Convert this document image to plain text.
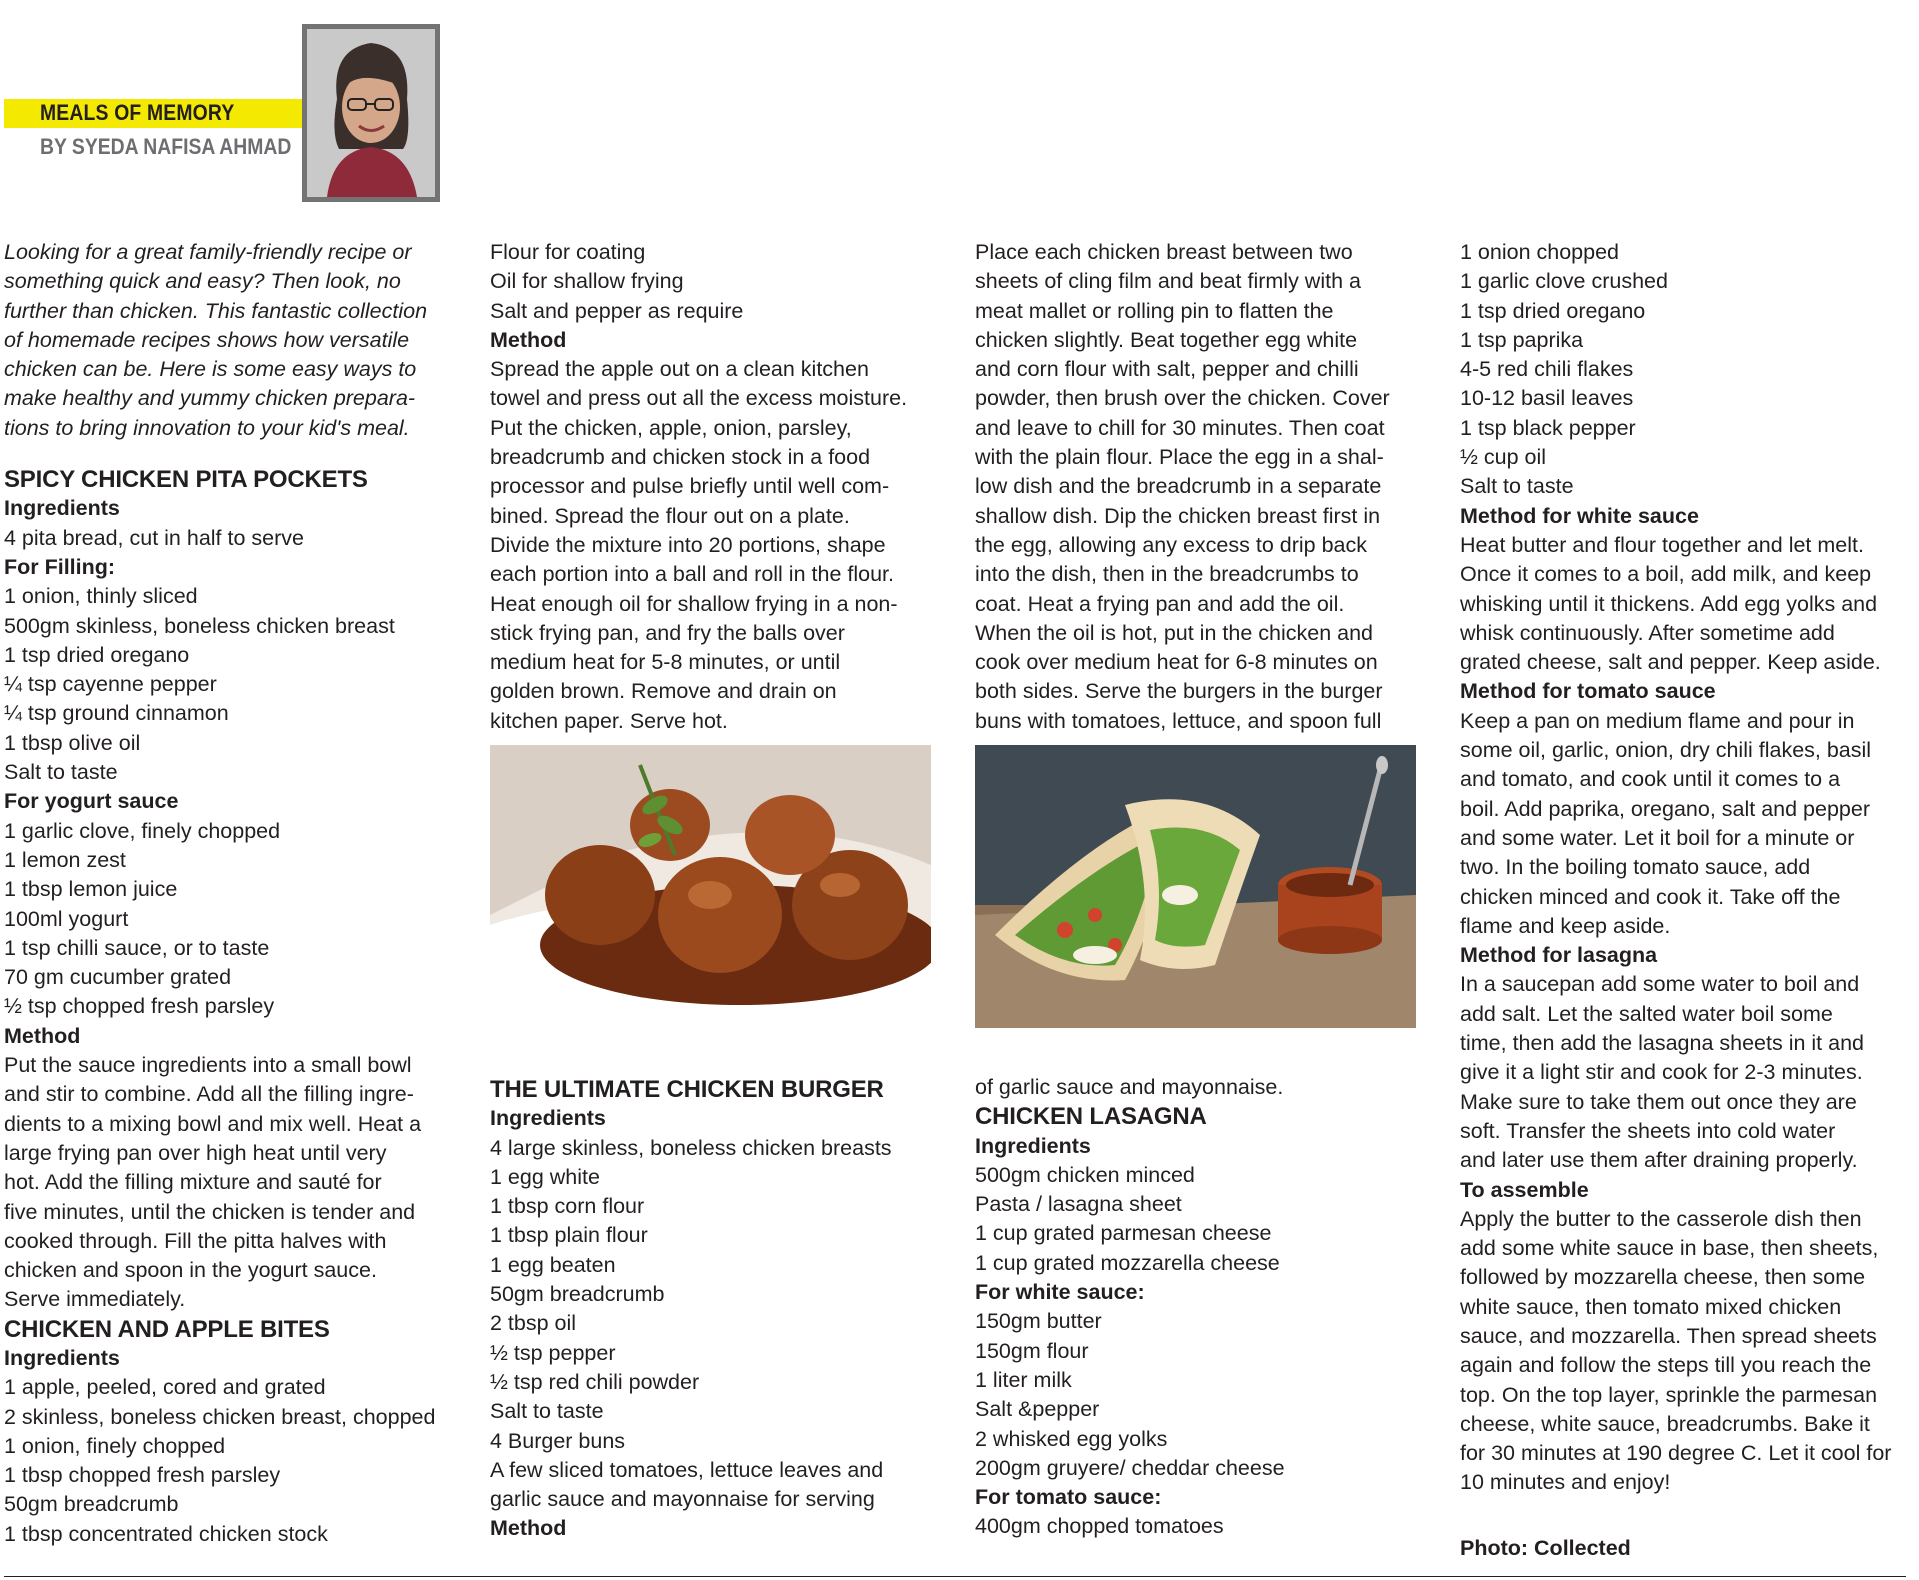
MEALS OF MEMORY
BY SYEDA NAFISA AHMAD

Looking for a great family-friendly recipe or

something quick and easy? Then look, no

further than chicken. This fantastic collection

of homemade recipes shows how versatile

chicken can be. Here is some easy ways to

make healthy and yummy chicken prepara-

tions to bring innovation to your kid's meal.

SPICY CHICKEN PITA POCKETS

Ingredients

4 pita bread, cut in half to serve

For Filling:

1 onion, thinly sliced

500gm skinless, boneless chicken breast

1 tsp dried oregano

¼ tsp cayenne pepper

¼ tsp ground cinnamon

1 tbsp olive oil

Salt to taste

For yogurt sauce

1 garlic clove, finely chopped

1 lemon zest

1 tbsp lemon juice

100ml yogurt

1 tsp chilli sauce, or to taste

70 gm cucumber grated

½ tsp chopped fresh parsley

Method

Put the sauce ingredients into a small bowl

and stir to combine. Add all the filling ingre-

dients to a mixing bowl and mix well. Heat a

large frying pan over high heat until very

hot. Add the filling mixture and sauté for

five minutes, until the chicken is tender and

cooked through. Fill the pitta halves with

chicken and spoon in the yogurt sauce.

Serve immediately.

CHICKEN AND APPLE BITES

Ingredients

1 apple, peeled, cored and grated

2 skinless, boneless chicken breast, chopped

1 onion, finely chopped

1 tbsp chopped fresh parsley

50gm breadcrumb

1 tbsp concentrated chicken stock

Flour for coating

Oil for shallow frying

Salt and pepper as require

Method

Spread the apple out on a clean kitchen

towel and press out all the excess moisture.

Put the chicken, apple, onion, parsley,

breadcrumb and chicken stock in a food

processor and pulse briefly until well com-

bined. Spread the flour out on a plate.

Divide the mixture into 20 portions, shape

each portion into a ball and roll in the flour.

Heat enough oil for shallow frying in a non-

stick frying pan, and fry the balls over

medium heat for 5-8 minutes, or until

golden brown. Remove and drain on

kitchen paper. Serve hot.

THE ULTIMATE CHICKEN BURGER

Ingredients

4 large skinless, boneless chicken breasts

1 egg white

1 tbsp corn flour

1 tbsp plain flour

1 egg beaten

50gm breadcrumb

2 tbsp oil

½ tsp pepper

½ tsp red chili powder

Salt to taste

4 Burger buns

A few sliced tomatoes, lettuce leaves and

garlic sauce and mayonnaise for serving

Method

Place each chicken breast between two

sheets of cling film and beat firmly with a

meat mallet or rolling pin to flatten the

chicken slightly. Beat together egg white

and corn flour with salt, pepper and chilli

powder, then brush over the chicken. Cover

and leave to chill for 30 minutes. Then coat

with the plain flour. Place the egg in a shal-

low dish and the breadcrumb in a separate

shallow dish. Dip the chicken breast first in

the egg, allowing any excess to drip back

into the dish, then in the breadcrumbs to

coat. Heat a frying pan and add the oil.

When the oil is hot, put in the chicken and

cook over medium heat for 6-8 minutes on

both sides. Serve the burgers in the burger

buns with tomatoes, lettuce, and spoon full

of garlic sauce and mayonnaise.

CHICKEN LASAGNA

Ingredients

500gm chicken minced

Pasta / lasagna sheet

1 cup grated parmesan cheese

1 cup grated mozzarella cheese

For white sauce:

150gm butter

150gm flour

1 liter milk

Salt &pepper

2 whisked egg yolks

200gm gruyere/ cheddar cheese

For tomato sauce:

400gm chopped tomatoes

1 onion chopped

1 garlic clove crushed

1 tsp dried oregano

1 tsp paprika

4-5 red chili flakes

10-12 basil leaves

1 tsp black pepper

½ cup oil

Salt to taste

Method for white sauce

Heat butter and flour together and let melt.

Once it comes to a boil, add milk, and keep

whisking until it thickens. Add egg yolks and

whisk continuously. After sometime add

grated cheese, salt and pepper. Keep aside.

Method for tomato sauce

Keep a pan on medium flame and pour in

some oil, garlic, onion, dry chili flakes, basil

and tomato, and cook until it comes to a

boil. Add paprika, oregano, salt and pepper

and some water. Let it boil for a minute or

two. In the boiling tomato sauce, add

chicken minced and cook it. Take off the

flame and keep aside.

Method for lasagna

In a saucepan add some water to boil and

add salt. Let the salted water boil some

time, then add the lasagna sheets in it and

give it a light stir and cook for 2-3 minutes.

Make sure to take them out once they are

soft. Transfer the sheets into cold water

and later use them after draining properly.

To assemble

Apply the butter to the casserole dish then

add some white sauce in base, then sheets,

followed by mozzarella cheese, then some

white sauce, then tomato mixed chicken

sauce, and mozzarella. Then spread sheets

again and follow the steps till you reach the

top. On the top layer, sprinkle the parmesan

cheese, white sauce, breadcrumbs. Bake it

for 30 minutes at 190 degree C. Let it cool for

10 minutes and enjoy!

Photo: Collected
